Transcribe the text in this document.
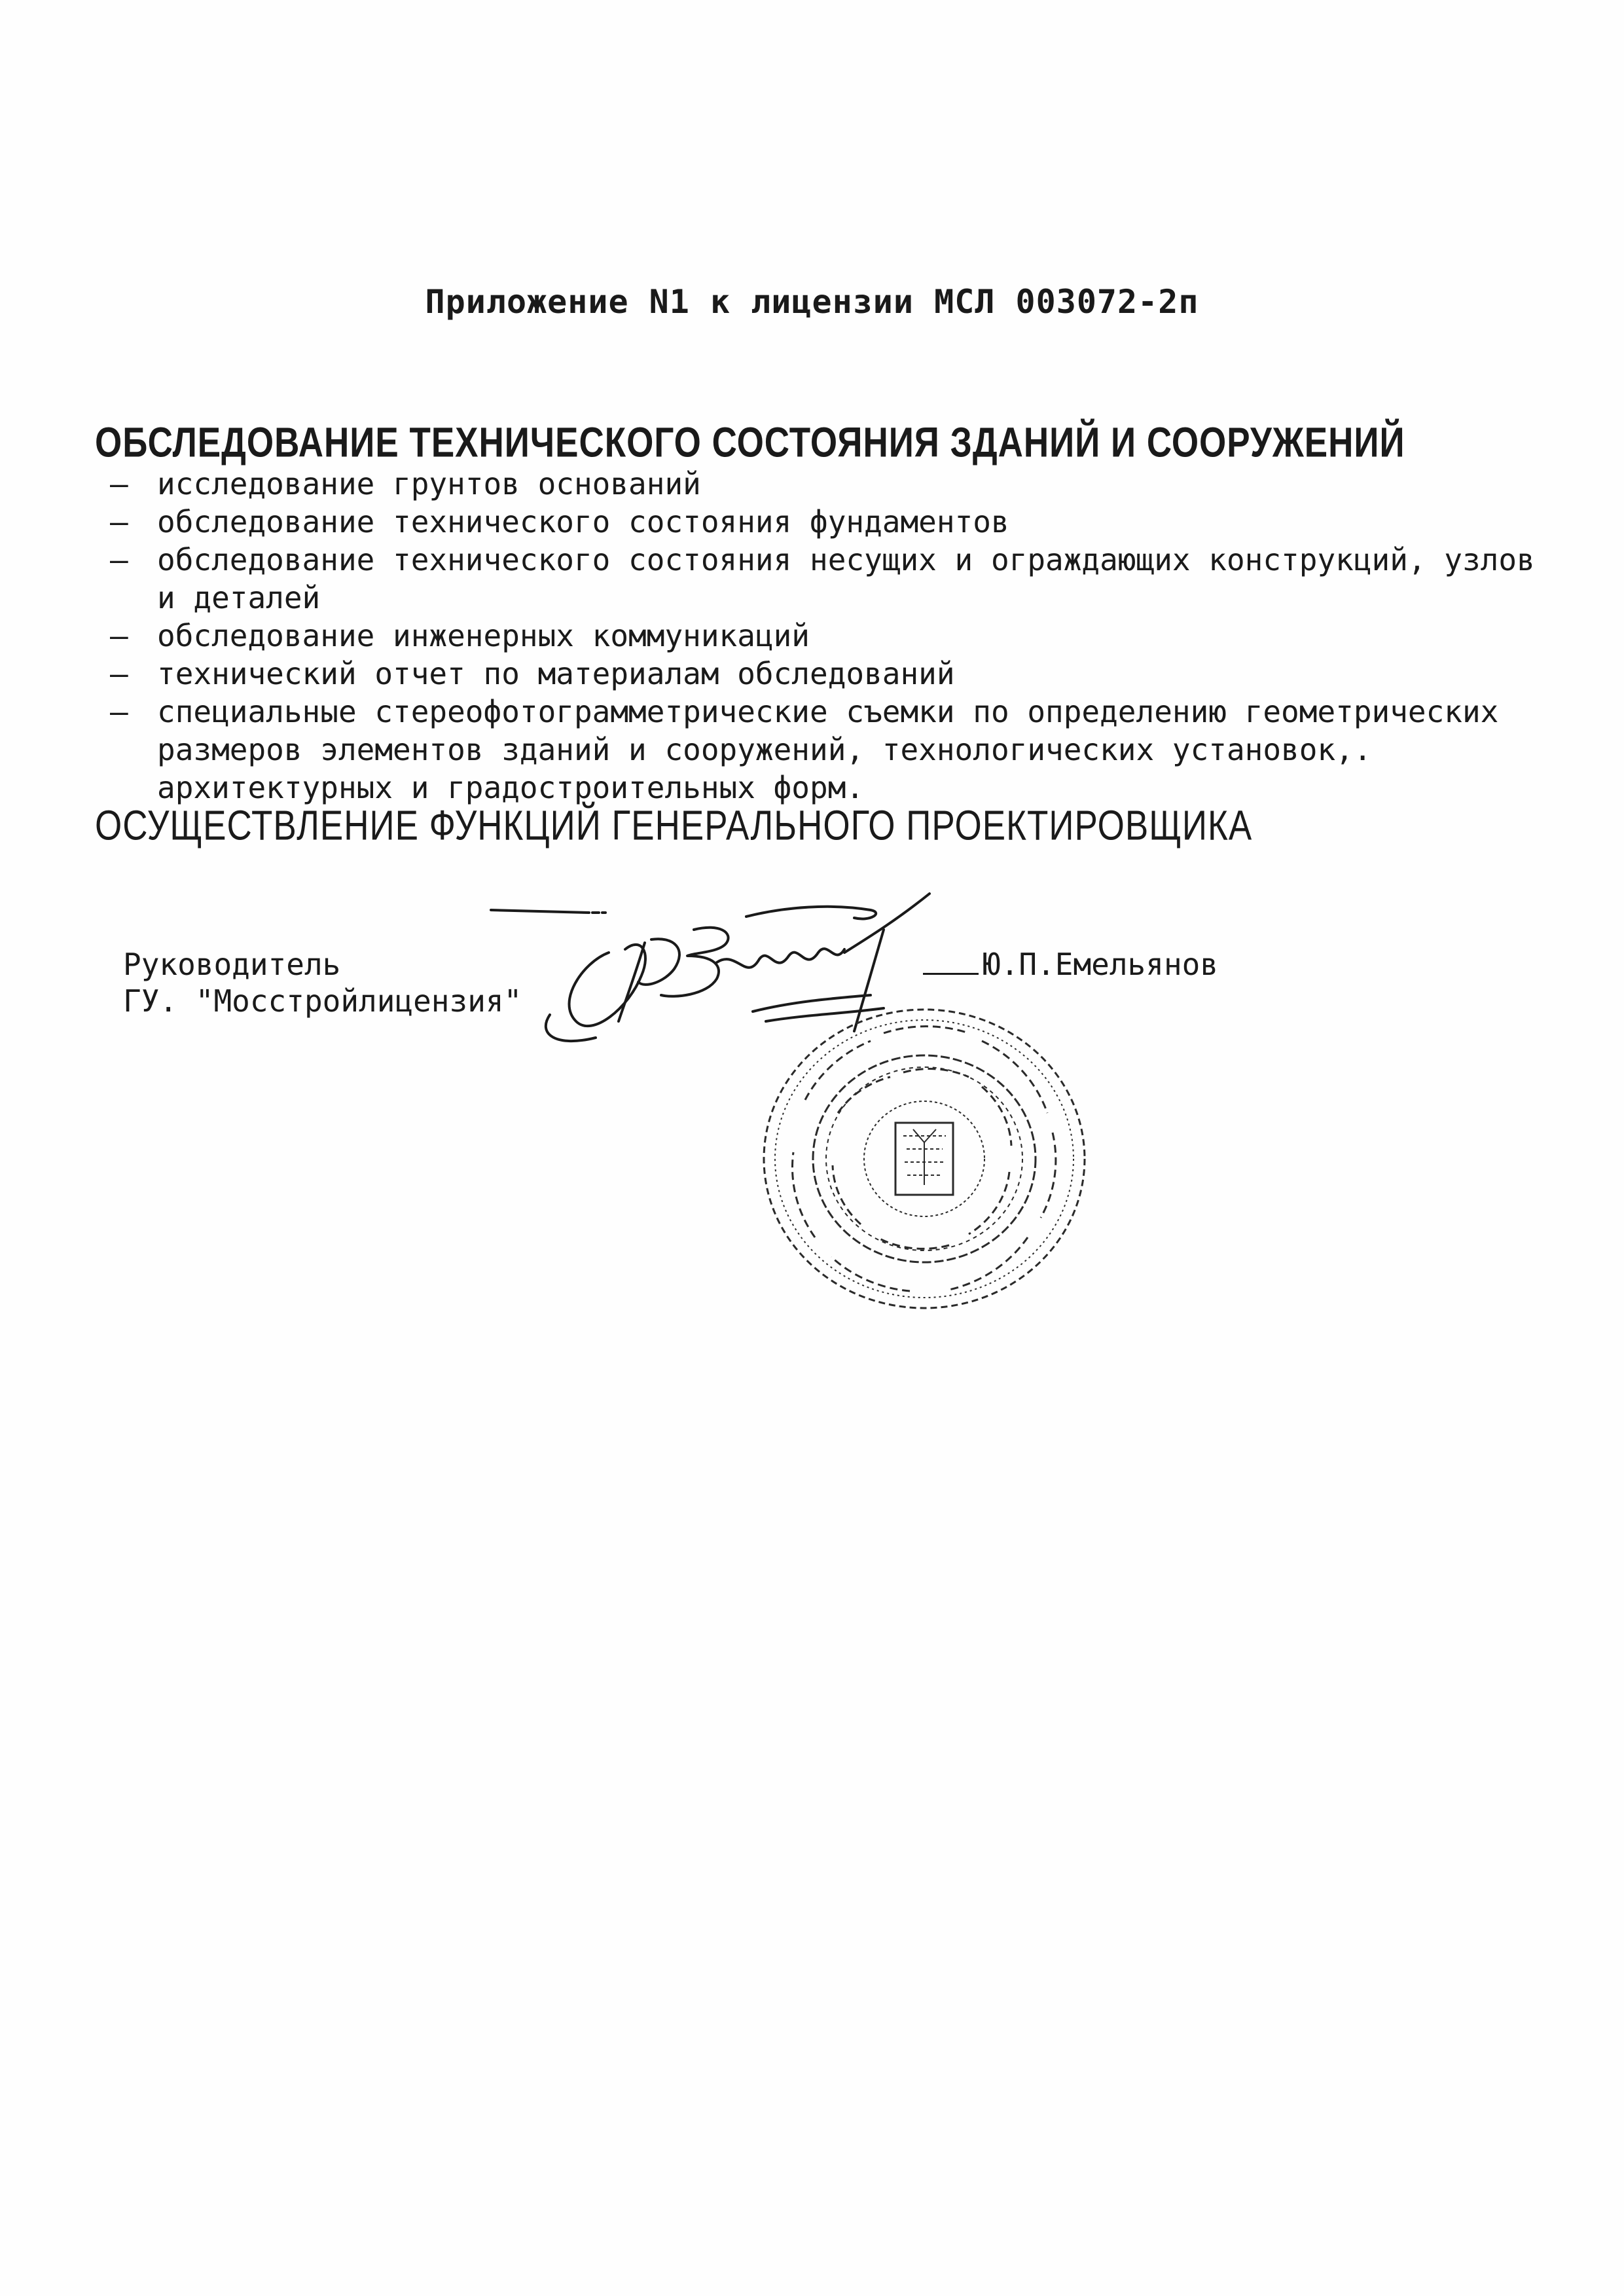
Приложение N1 к лицензии МСЛ 003072-2п
ОБСЛЕДОВАНИЕ ТЕХНИЧЕСКОГО СОСТОЯНИЯ ЗДАНИЙ И СООРУЖЕНИЙ
– исследование грунтов оснований
– обследование технического состояния фундаментов
– обследование технического состояния несущих и ограждающих конструкций, узлов и деталей
– обследование инженерных коммуникаций
– технический отчет по материалам обследований
– специальные стереофотограмметрические съемки по определению геометрических размеров элементов зданий и сооружений, технологических установок,. архитектурных и градостроительных форм.
ОСУЩЕСТВЛЕНИЕ ФУНКЦИЙ ГЕНЕРАЛЬНОГО ПРОЕКТИРОВЩИКА
Руководитель
ГУ. "Мосстройлицензия"
Ю.П.Емельянов
